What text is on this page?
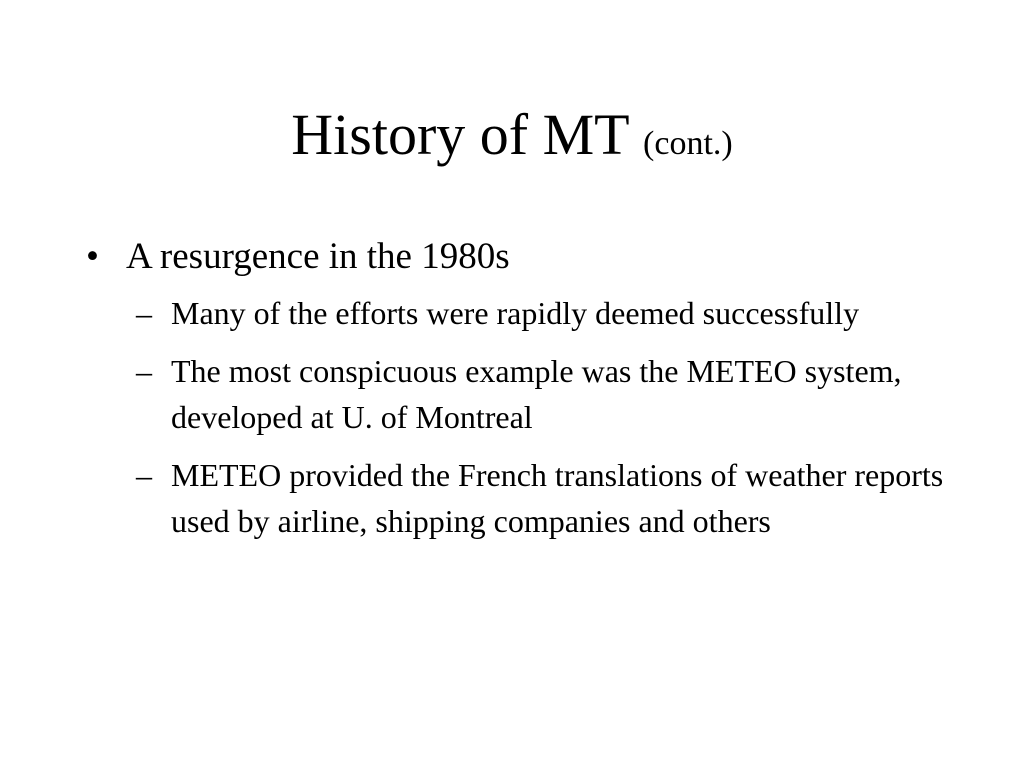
History of MT (cont.)
• A resurgence in the 1980s
– Many of the efforts were rapidly deemed successfully
– The most conspicuous example was the METEO system, developed at U. of Montreal
– METEO provided the French translations of weather reports used by airline, shipping companies and others
